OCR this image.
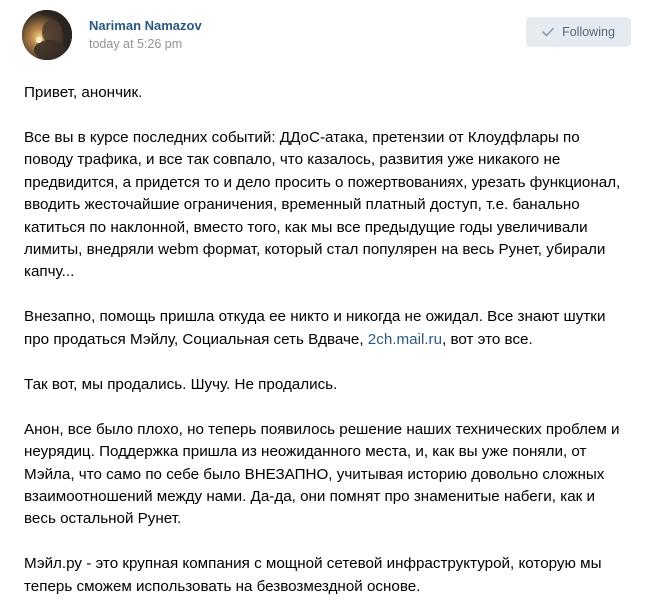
Nariman Namazov
today at 5:26 pm
Following

Привет, анончик.

Все вы в курсе последних событий: ДДоС-атака, претензии от Клоудфлары по поводу трафика, и все так совпало, что казалось, развития уже никакого не предвидится, а придется то и дело просить о пожертвованиях, урезать функционал, вводить жесточайшие ограничения, временный платный доступ, т.е. банально катиться по наклонной, вместо того, как мы все предыдущие годы увеличивали лимиты, внедряли webm формат, который стал популярен на весь Рунет, убирали капчу...

Внезапно, помощь пришла откуда ее никто и никогда не ожидал. Все знают шутки про продаться Мэйлу, Социальная сеть Вдваче, 2ch.mail.ru, вот это все.

Так вот, мы продались. Шучу. Не продались.

Анон, все было плохо, но теперь появилось решение наших технических проблем и неурядиц. Поддержка пришла из неожиданного места, и, как вы уже поняли, от Мэйла, что само по себе было ВНЕЗАПНО, учитывая историю довольно сложных взаимоотношений между нами. Да-да, они помнят про знаменитые набеги, как и весь остальной Рунет.

Мэйл.ру - это крупная компания с мощной сетевой инфраструктурой, которую мы теперь сможем использовать на безвозмездной основе.
